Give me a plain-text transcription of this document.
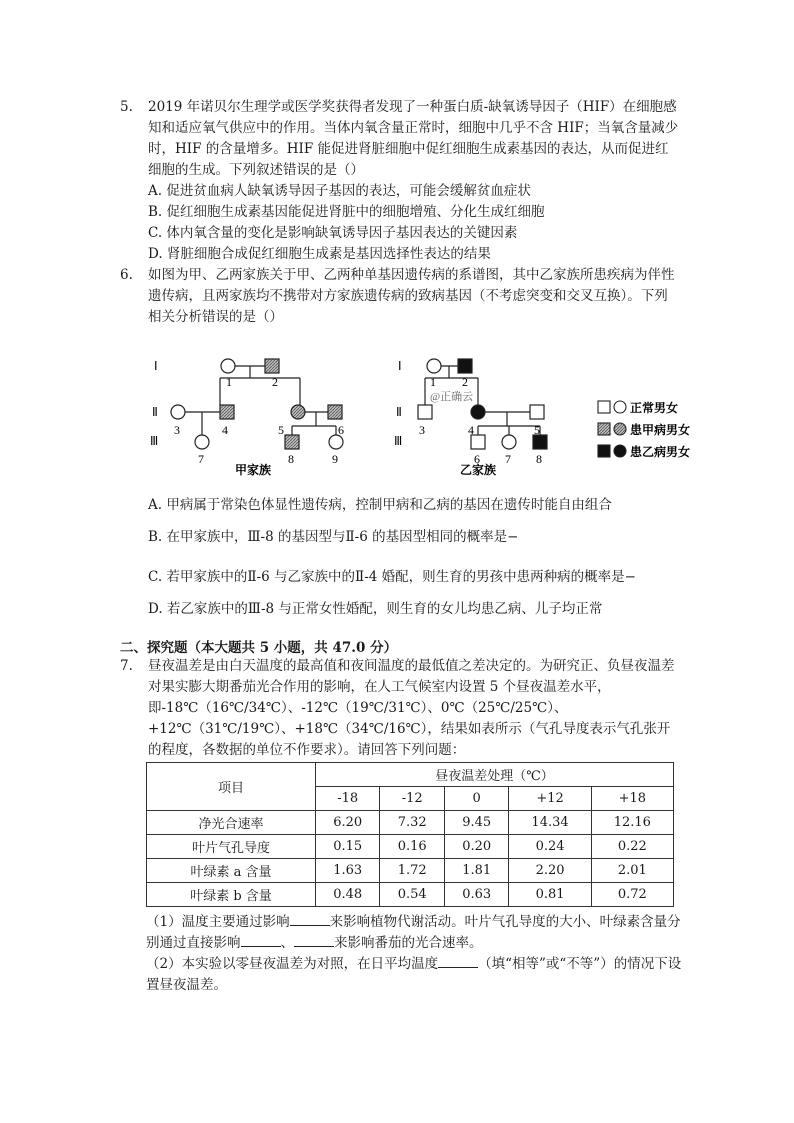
5. 2019 年诺贝尔生理学或医学奖获得者发现了一种蛋白质-缺氧诱导因子（HIF）在细胞感知和适应氧气供应中的作用。当体内氧含量正常时，细胞中几乎不含 HIF；当氧含量减少时，HIF 的含量增多。HIF 能促进肾脏细胞中促红细胞生成素基因的表达，从而促进红细胞的生成。下列叙述错误的是（）
A. 促进贫血病人缺氧诱导因子基因的表达，可能会缓解贫血症状
B. 促红细胞生成素基因能促进肾脏中的细胞增殖、分化生成红细胞
C. 体内氧含量的变化是影响缺氧诱导因子基因表达的关键因素
D. 肾脏细胞合成促红细胞生成素是基因选择性表达的结果
6. 如图为甲、乙两家族关于甲、乙两种单基因遗传病的系谱图，其中乙家族所患疾病为伴性遗传病，且两家族均不携带对方家族遗传病的致病基因（不考虑突变和交叉互换）。下列相关分析错误的是（）
Ⅰ
Ⅱ
Ⅲ
1	2
3	4	5	6
7	8	9
甲家族
Ⅰ
Ⅱ
Ⅲ
@正确云
1 2
3	4	5
6 7 8
乙家族
正常男女
患甲病男女
患乙病男女
A. 甲病属于常染色体显性遗传病，控制甲病和乙病的基因在遗传时能自由组合
B. 在甲家族中，Ⅲ-8 的基因型与Ⅱ-6 的基因型相同的概率是−
C. 若甲家族中的Ⅱ-6 与乙家族中的Ⅱ-4 婚配，则生育的男孩中患两种病的概率是−
D. 若乙家族中的Ⅲ-8 与正常女性婚配，则生育的女儿均患乙病、儿子均正常
二、探究题（本大题共 5 小题，共 47.0 分）
7. 昼夜温差是由白天温度的最高值和夜间温度的最低值之差决定的。为研究正、负昼夜温差对果实膨大期番茄光合作用的影响，在人工气候室内设置 5 个昼夜温差水平，即-18℃（16℃/34℃）、-12℃（19℃/31℃）、0℃（25℃/25℃）、+12℃（31℃/19℃）、+18℃（34℃/16℃），结果如表所示（气孔导度表示气孔张开的程度，各数据的单位不作要求）。请回答下列问题：
项目	昼夜温差处理（℃）				
	-18	-12	0	+12	+18
净光合速率	6.20	7.32	9.45	14.34	12.16
叶片气孔导度	0.15	0.16	0.20	0.24	0.22
叶绿素 a 含量	1.63	1.72	1.81	2.20	2.01
叶绿素 b 含量	0.48	0.54	0.63	0.81	0.72
（1）温度主要通过影响	来影响植物代谢活动。叶片气孔导度的大小、叶绿素含量分别通过直接影响	、	来影响番茄的光合速率。
（2）本实验以零昼夜温差为对照，在日平均温度	（填“相等”或“不等”）的情况下设置昼夜温差。
